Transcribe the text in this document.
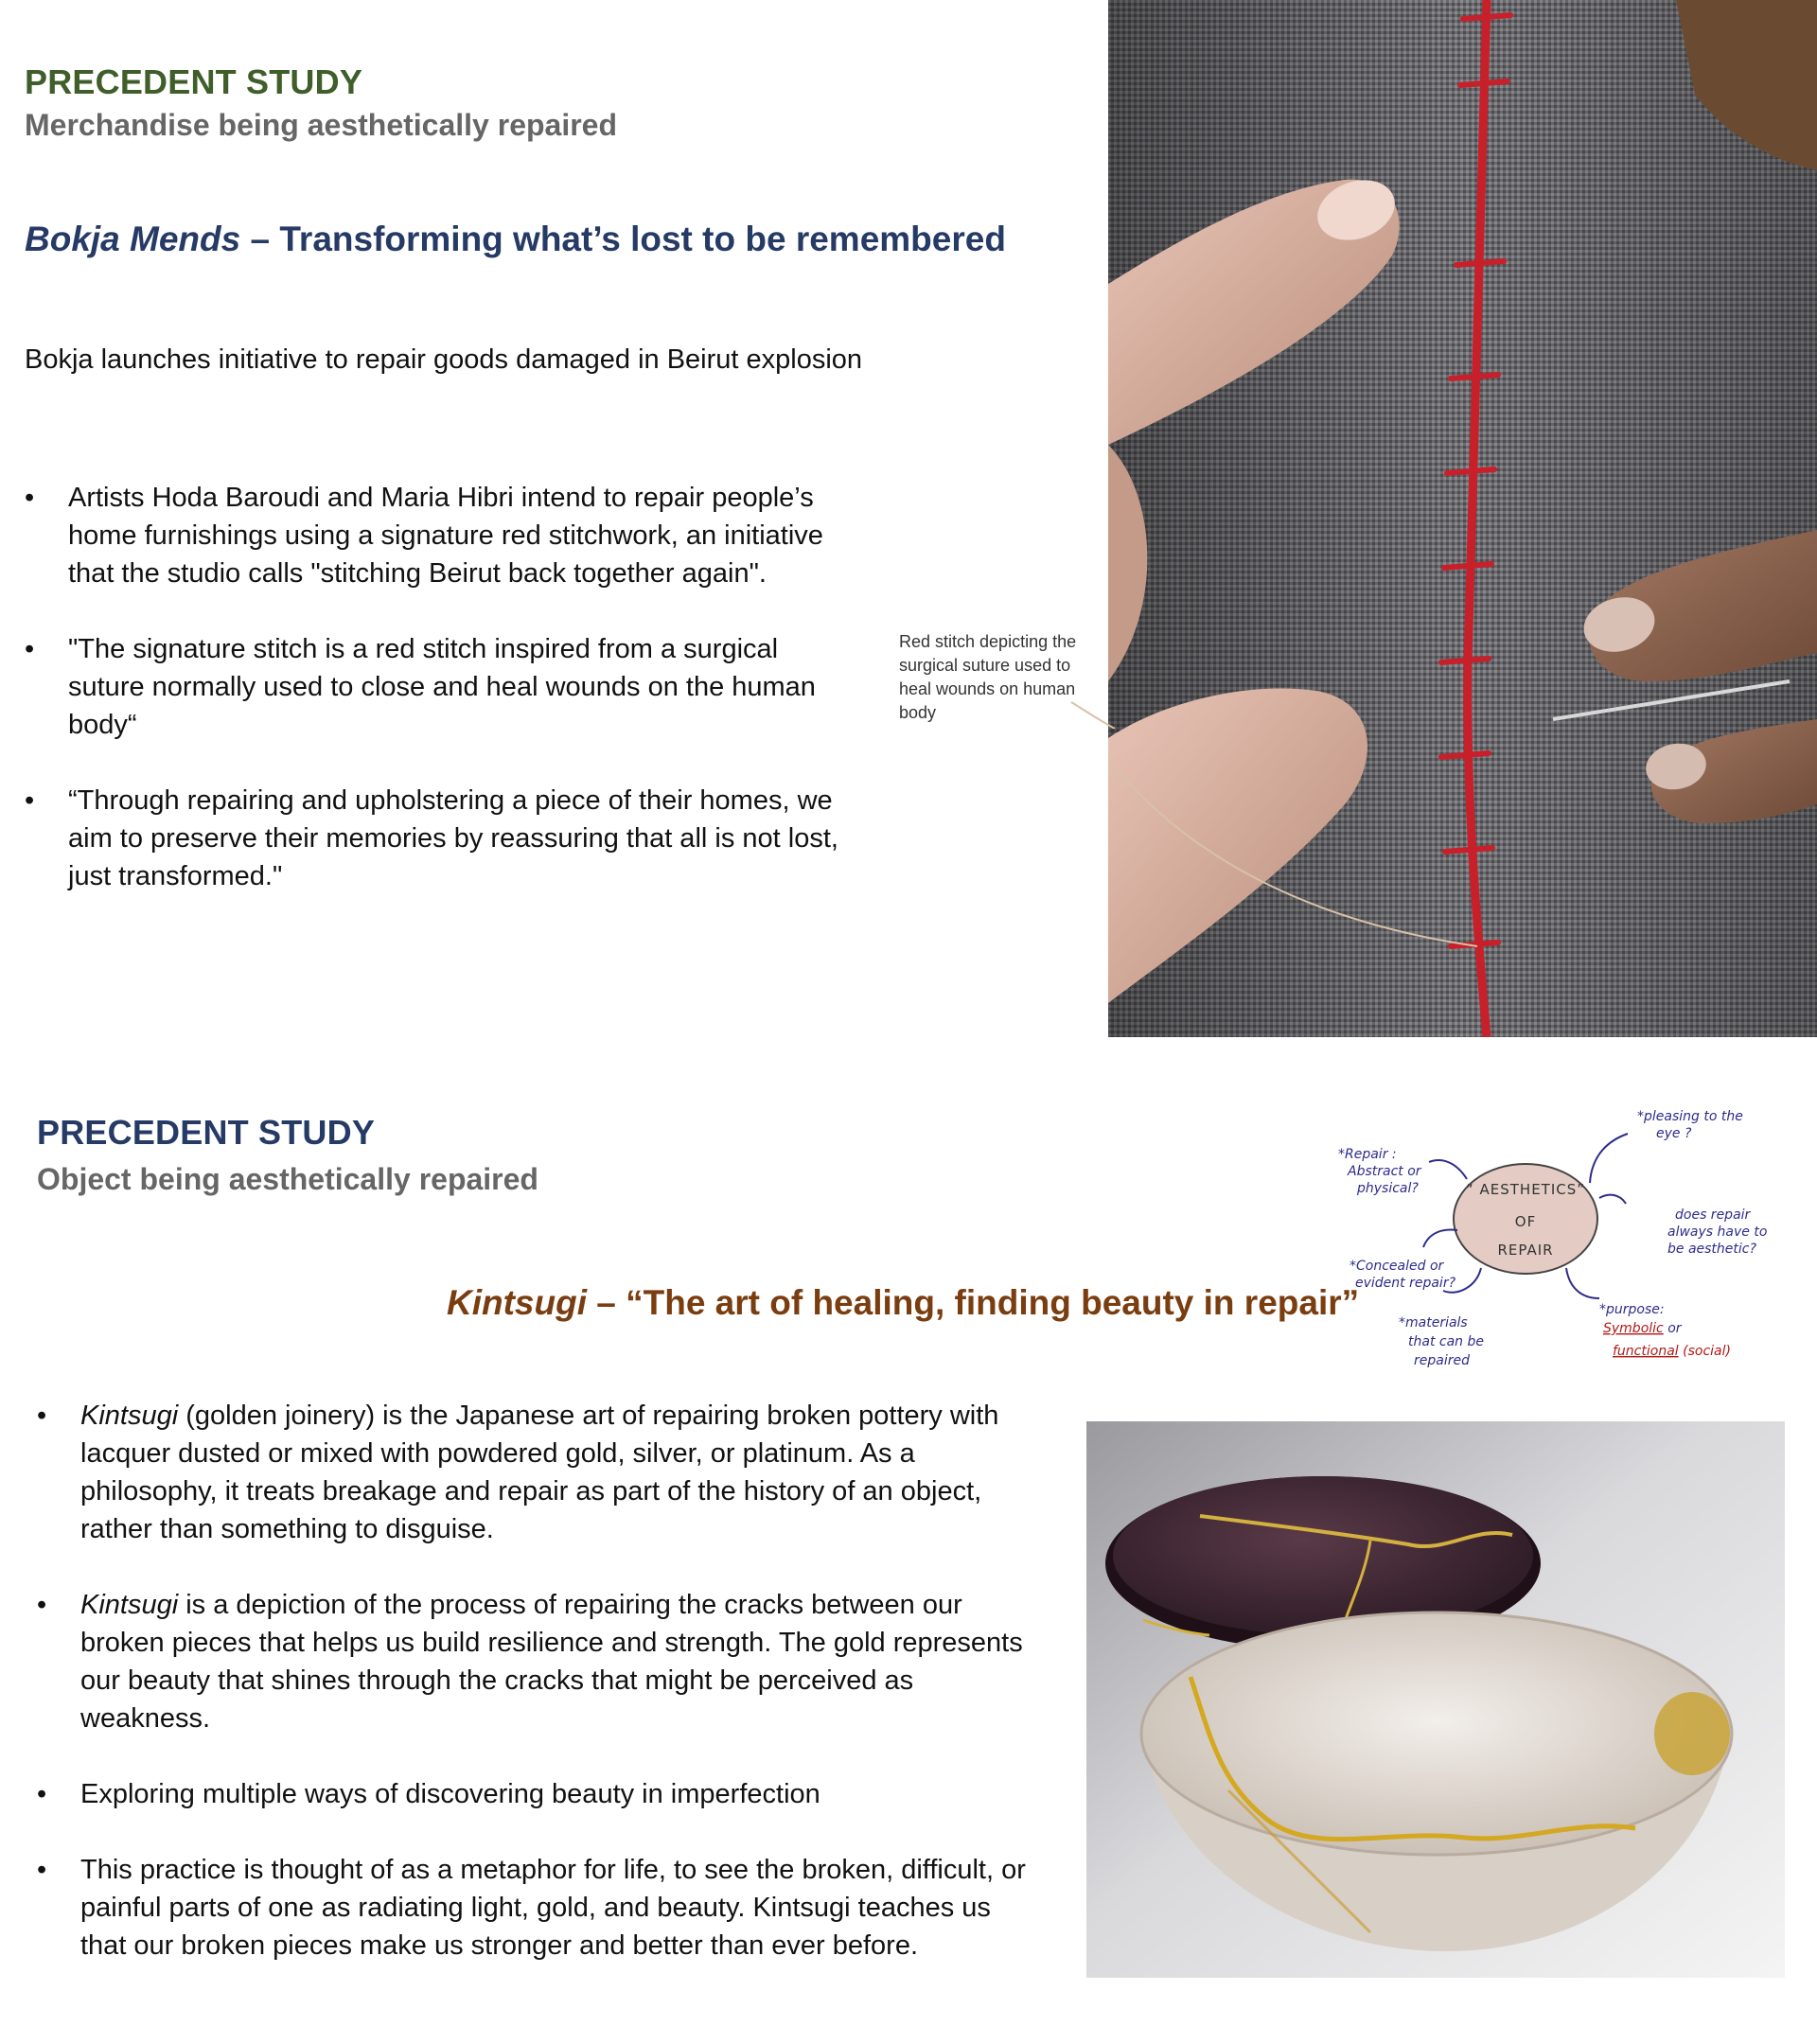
PRECEDENT STUDY
Merchandise being aesthetically repaired
Bokja Mends – Transforming what’s lost to be remembered
Bokja launches initiative to repair goods damaged in Beirut explosion
• Artists Hoda Baroudi and Maria Hibri intend to repair people’s home furnishings using a signature red stitchwork, an initiative that the studio calls "stitching Beirut back together again".
• "The signature stitch is a red stitch inspired from a surgical suture normally used to close and heal wounds on the human body“
• “Through repairing and upholstering a piece of their homes, we aim to preserve their memories by reassuring that all is not lost, just transformed."
Red stitch depicting the surgical suture used to heal wounds on human body
PRECEDENT STUDY
Object being aesthetically repaired
Kintsugi – “The art of healing, finding beauty in repair”
• Kintsugi (golden joinery) is the Japanese art of repairing broken pottery with lacquer dusted or mixed with powdered gold, silver, or platinum. As a philosophy, it treats breakage and repair as part of the history of an object, rather than something to disguise.
• Kintsugi is a depiction of the process of repairing the cracks between our broken pieces that helps us build resilience and strength. The gold represents our beauty that shines through the cracks that might be perceived as weakness.
• Exploring multiple ways of discovering beauty in imperfection
• This practice is thought of as a metaphor for life, to see the broken, difficult, or painful parts of one as radiating light, gold, and beauty. Kintsugi teaches us that our broken pieces make us stronger and better than ever before.
“ AESTHETICS”
OF
REPAIR
*Repair :
Abstract or
physical?
*pleasing to the
eye ?
does repair
always have to
be aesthetic?
*Concealed or
evident repair?
*materials
that can be
repaired
*purpose:
Symbolic or
functional (social)
